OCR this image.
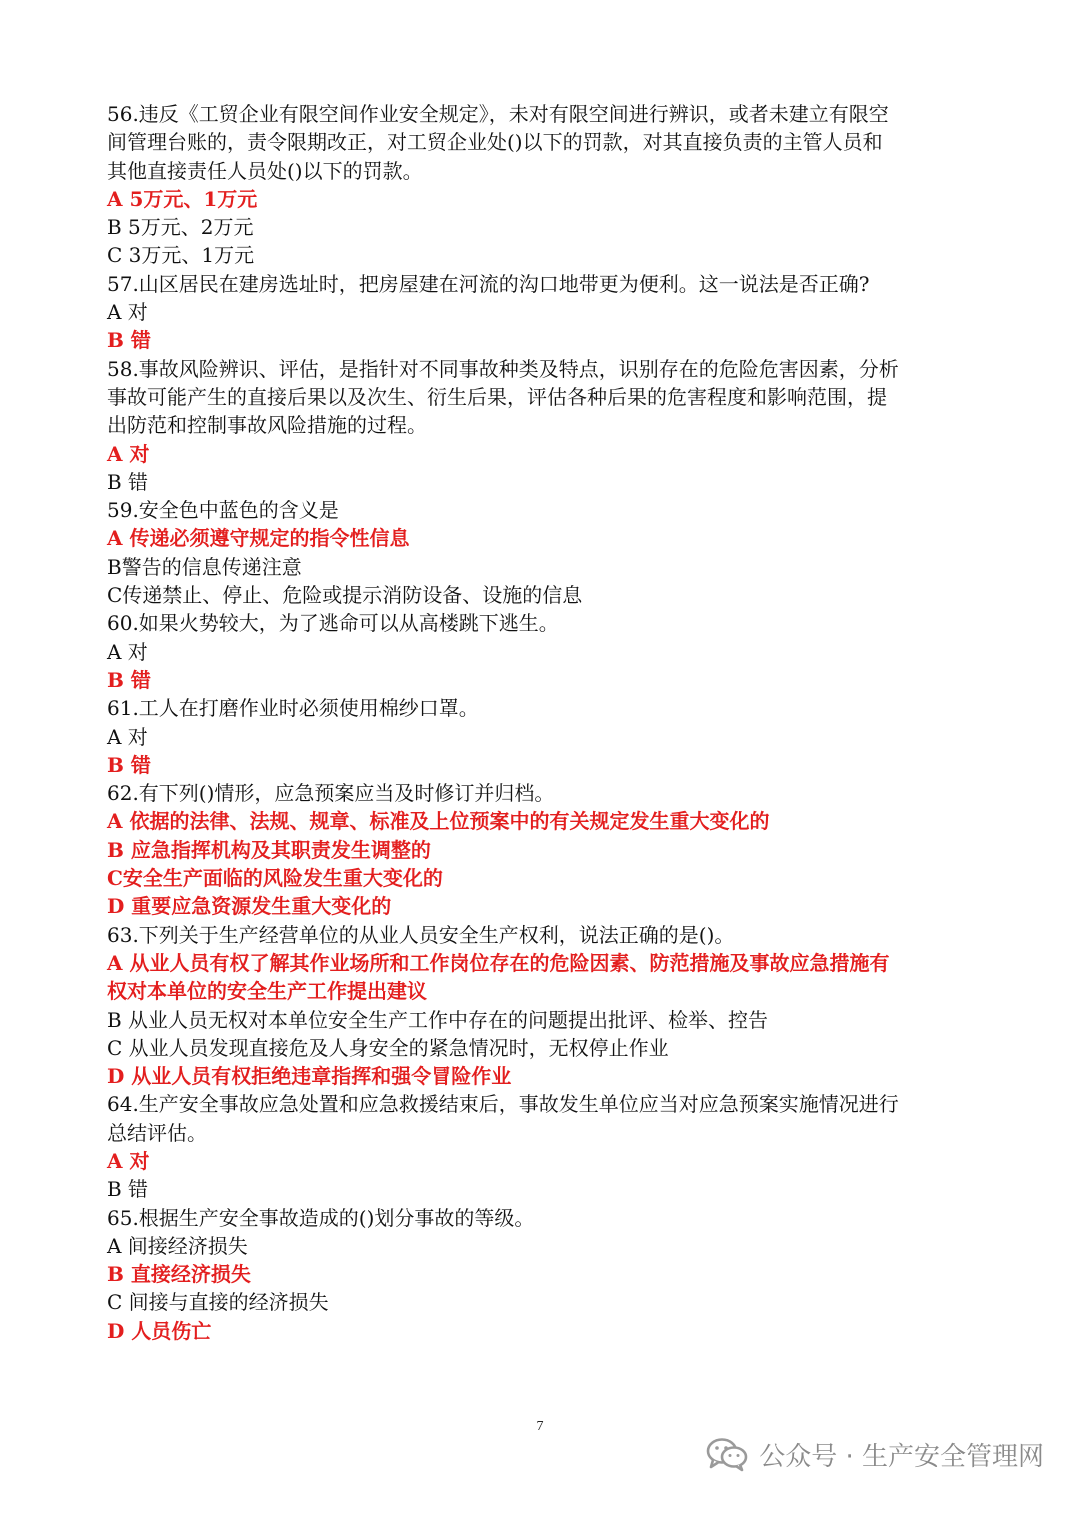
56.违反《工贸企业有限空间作业安全规定》，未对有限空间进行辨识，或者未建立有限空
间管理台账的，责令限期改正，对工贸企业处()以下的罚款，对其直接负责的主管人员和
其他直接责任人员处()以下的罚款。
A 5万元、1万元
B 5万元、2万元
C 3万元、1万元
57.山区居民在建房选址时，把房屋建在河流的沟口地带更为便利。这一说法是否正确?
A 对
B 错
58.事故风险辨识、评估，是指针对不同事故种类及特点，识别存在的危险危害因素，分析
事故可能产生的直接后果以及次生、衍生后果，评估各种后果的危害程度和影响范围，提
出防范和控制事故风险措施的过程。
A 对
B 错
59.安全色中蓝色的含义是
A 传递必须遵守规定的指令性信息
B警告的信息传递注意
C传递禁止、停止、危险或提示消防设备、设施的信息
60.如果火势较大，为了逃命可以从高楼跳下逃生。
A 对
B 错
61.工人在打磨作业时必须使用棉纱口罩。
A 对
B 错
62.有下列()情形，应急预案应当及时修订并归档。
A 依据的法律、法规、规章、标准及上位预案中的有关规定发生重大变化的
B 应急指挥机构及其职责发生调整的
C安全生产面临的风险发生重大变化的
D 重要应急资源发生重大变化的
63.下列关于生产经营单位的从业人员安全生产权利，说法正确的是()。
A 从业人员有权了解其作业场所和工作岗位存在的危险因素、防范措施及事故应急措施有
权对本单位的安全生产工作提出建议
B 从业人员无权对本单位安全生产工作中存在的问题提出批评、检举、控告
C 从业人员发现直接危及人身安全的紧急情况时，无权停止作业
D 从业人员有权拒绝违章指挥和强令冒险作业
64.生产安全事故应急处置和应急救援结束后，事故发生单位应当对应急预案实施情况进行
总结评估。
A 对
B 错
65.根据生产安全事故造成的()划分事故的等级。
A 间接经济损失
B 直接经济损失
C 间接与直接的经济损失
D 人员伤亡
7
公众号 · 生产安全管理网
